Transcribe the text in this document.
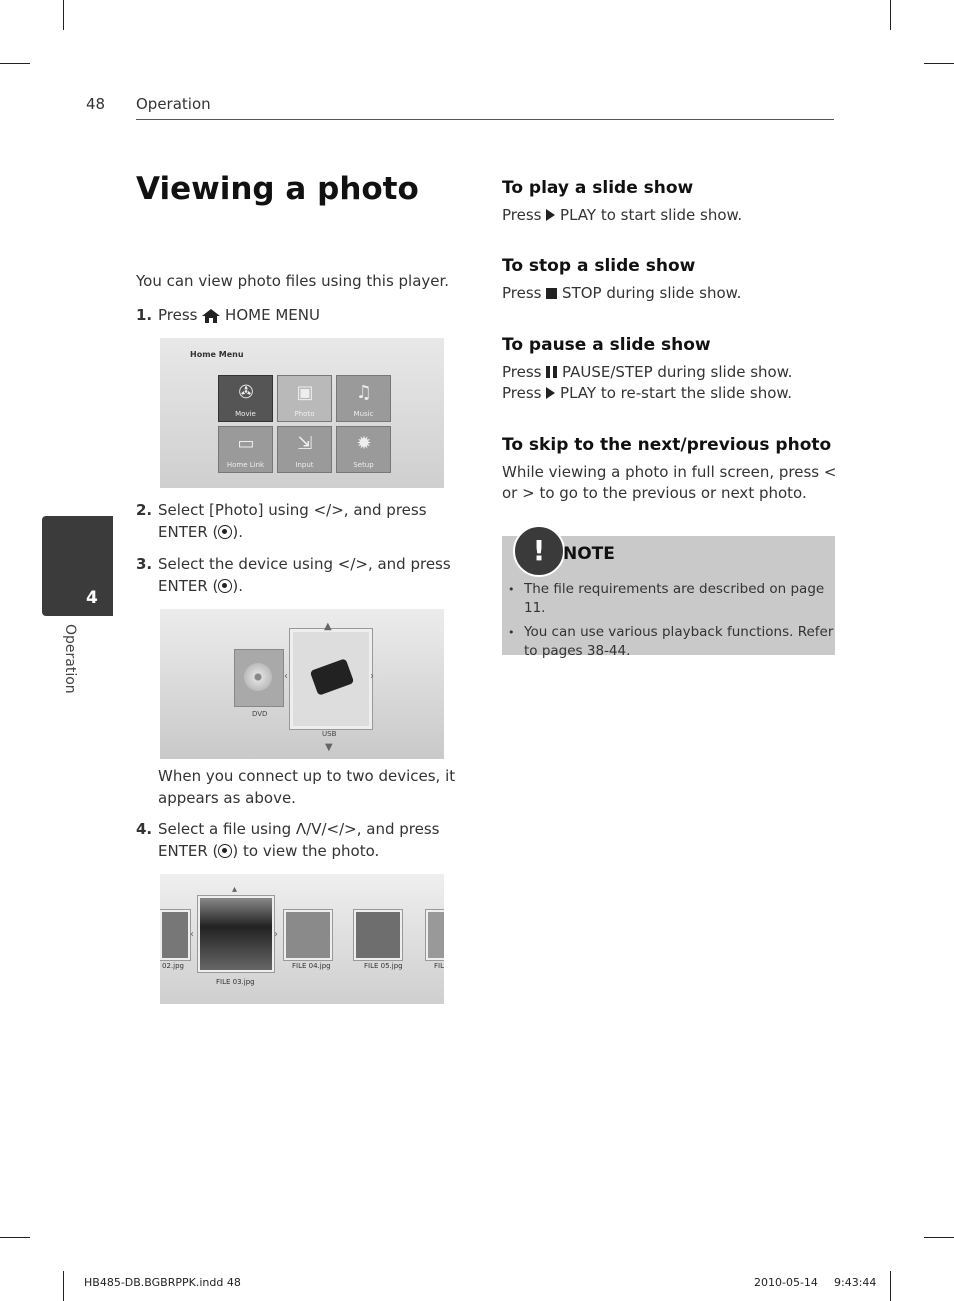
48 Operation
4
Operation
Viewing a photo
You can view photo files using this player.
1. Press HOME MENU
Home Menu
✇
Movie
▣
Photo
♫
Music
▭
Home Link
⇲
Input
✹
Setup
2. Select [Photo] using </>, and press ENTER ( ).
3. Select the device using </>, and press ENTER ( ).
DVD
▲
‹	›
USB
▼
When you connect up to two devices, it appears as above.
4. Select a file using Λ/V/</>, and press ENTER ( ) to view the photo.
02.jpg
‹
▴
›
FILE 03.jpg
FILE 04.jpg	FILE 05.jpg	FIL
To play a slide show
Press PLAY to start slide show.
To stop a slide show
Press STOP during slide show.
To pause a slide show
Press PAUSE/STEP during slide show.
Press PLAY to re-start the slide show.
To skip to the next/previous photo
While viewing a photo in full screen, press < or > to go to the previous or next photo.
!	NOTE
• The file requirements are described on page 11.
• You can use various playback functions. Refer to pages 38-44.
HB485-DB.BGBRPPK.indd 48	2010-05-14 9:43:44
